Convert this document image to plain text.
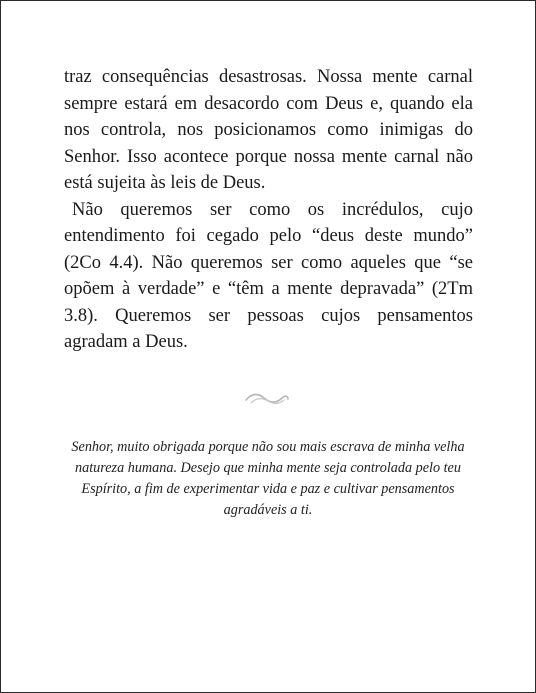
traz consequências desastrosas. Nossa mente carnal sempre estará em desacordo com Deus e, quando ela nos controla, nos posicionamos como inimigas do Senhor. Isso acontece porque nossa mente carnal não está sujeita às leis de Deus.

Não queremos ser como os incrédulos, cujo entendimento foi cegado pelo “deus deste mundo” (2Co 4.4). Não queremos ser como aqueles que “se opõem à verdade” e “têm a mente depravada” (2Tm 3.8). Queremos ser pessoas cujos pensamentos agradam a Deus.

Senhor, muito obrigada porque não sou mais escrava de minha velha natureza humana. Desejo que minha mente seja controlada pelo teu Espírito, a fim de experimentar vida e paz e cultivar pensamentos agradáveis a ti.
